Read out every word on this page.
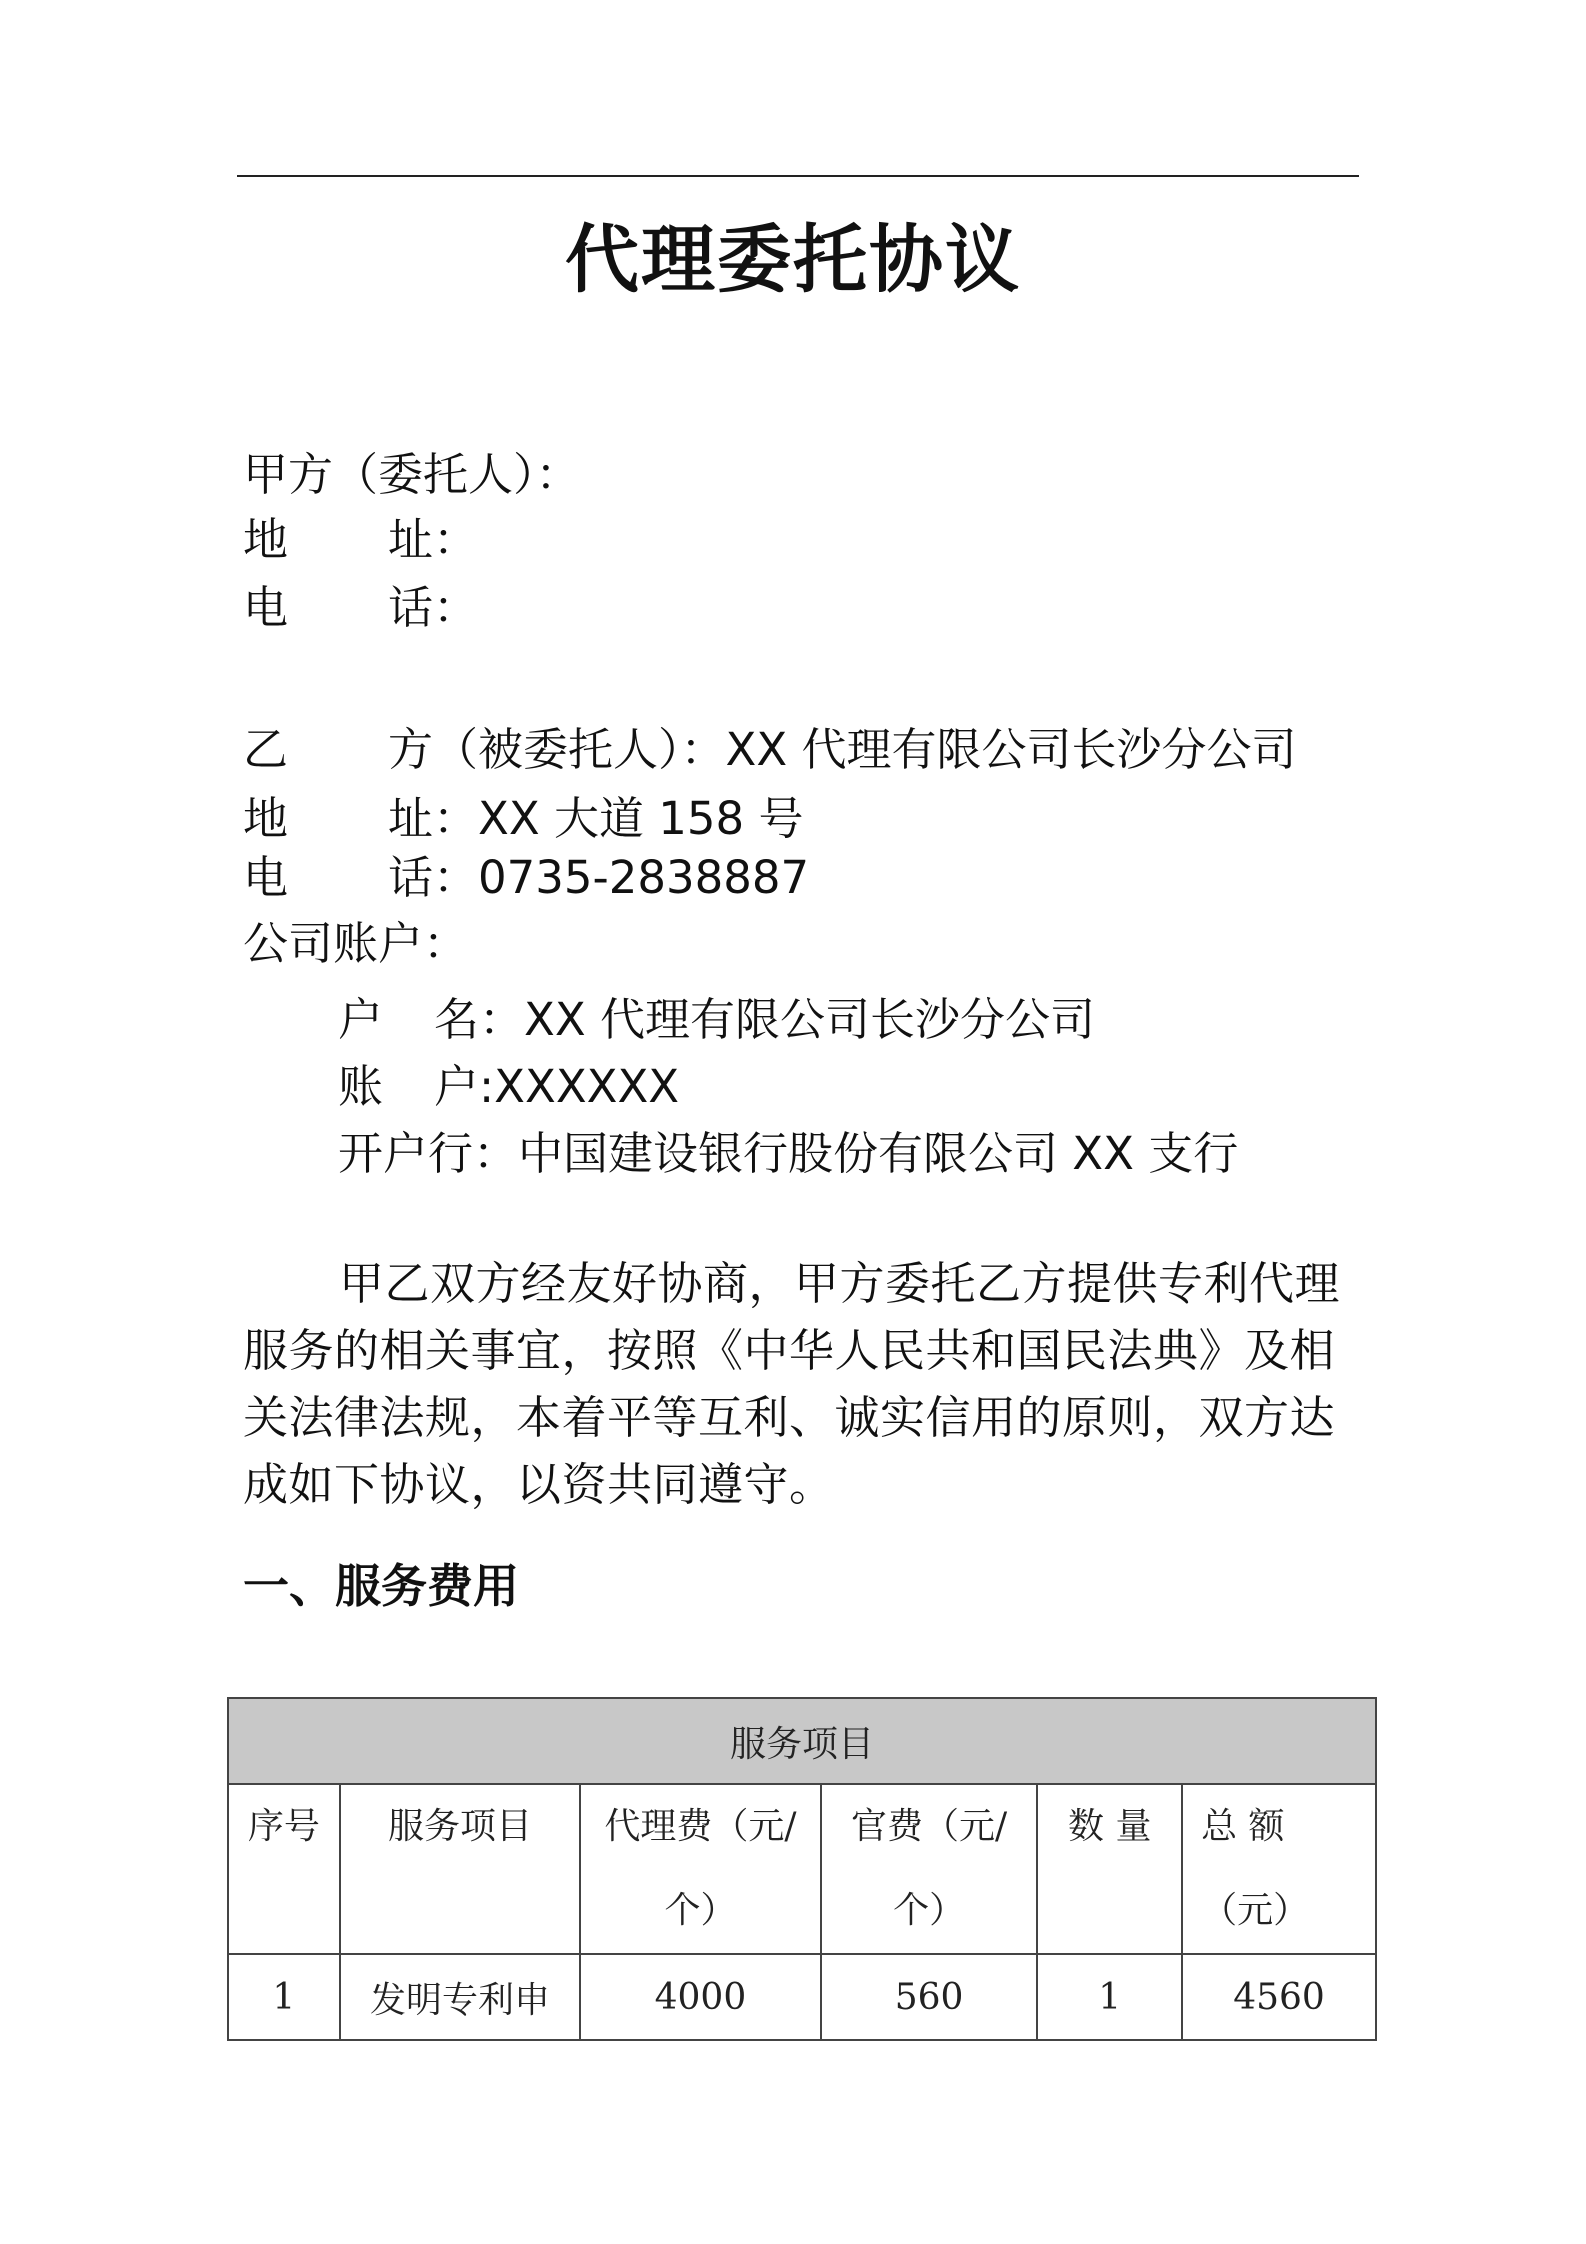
代理委托协议
甲方（委托人）：
地 址：
电 话：
乙 方（被委托人）：XX 代理有限公司长沙分公司
地 址：XX 大道 158 号
电 话：0735-2838887
公司账户：
户 名：XX 代理有限公司长沙分公司
账 户:XXXXXX
开户行：中国建设银行股份有限公司 XX 支行
甲乙双方经友好协商，甲方委托乙方提供专利代理服务的相关事宜，按照《中华人民共和国民法典》及相关法律法规，本着平等互利、诚实信用的原则，双方达成如下协议，以资共同遵守。
一、服务费用
服务项目					
序号	服务项目	代理费（元/个）	官费（元/个）	数 量	总 额（元）
1	发明专利申	4000	560	1	4560
